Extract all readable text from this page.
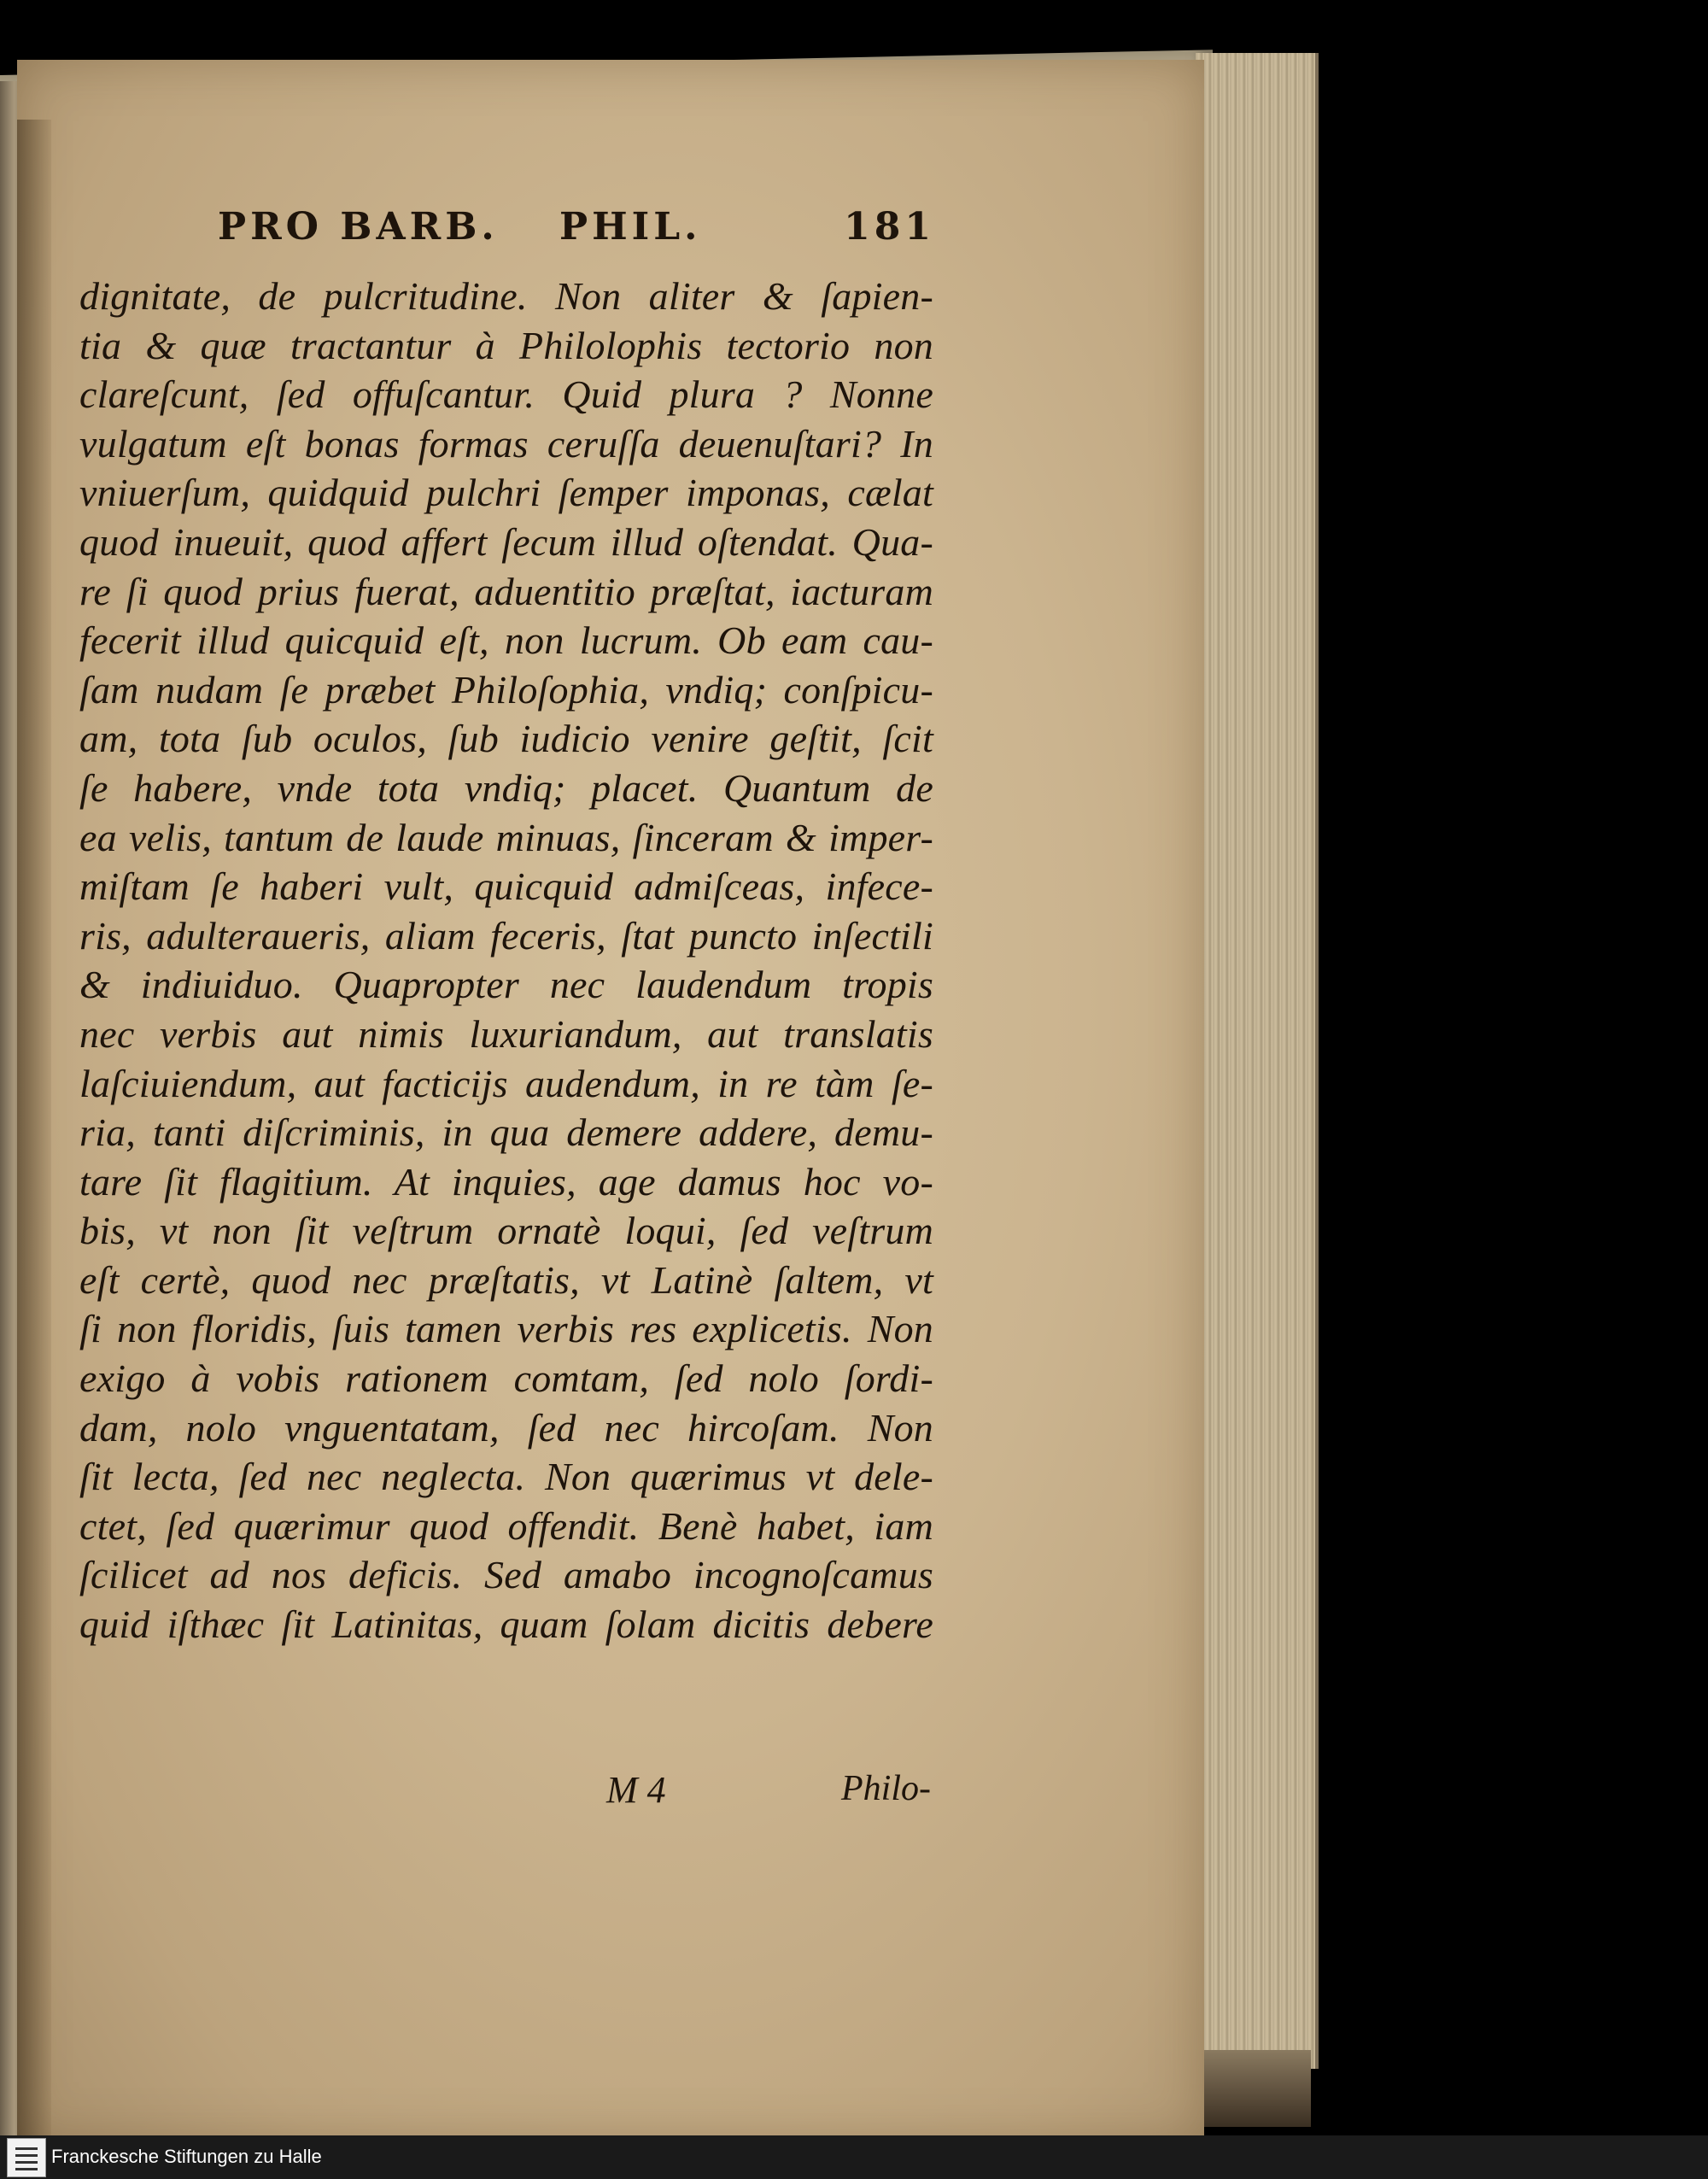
PRO BARB. PHIL.	181
dignitate, de pulcritudine. Non aliter & ſapien-
tia & quæ tractantur à Philolophis tectorio non
clareſcunt, ſed offuſcantur. Quid plura ? Nonne
vulgatum eſt bonas formas ceruſſa deuenuſtari? In
vniuerſum, quidquid pulchri ſemper imponas, cælat
quod inueuit, quod affert ſecum illud oſtendat. Qua-
re ſi quod prius fuerat, aduentitio præſtat, iacturam
fecerit illud quicquid eſt, non lucrum. Ob eam cau-
ſam nudam ſe præbet Philoſophia, vndiq; conſpicu-
am, tota ſub oculos, ſub iudicio venire geſtit, ſcit
ſe habere, vnde tota vndiq; placet. Quantum de
ea velis, tantum de laude minuas, ſinceram & imper-
miſtam ſe haberi vult, quicquid admiſceas, infece-
ris, adulteraueris, aliam feceris, ſtat puncto inſectili
& indiuiduo. Quapropter nec laudendum tropis
nec verbis aut nimis luxuriandum, aut translatis
laſciuiendum, aut facticijs audendum, in re tàm ſe-
ria, tanti diſcriminis, in qua demere addere, demu-
tare ſit flagitium. At inquies, age damus hoc vo-
bis, vt non ſit veſtrum ornatè loqui, ſed veſtrum
eſt certè, quod nec præſtatis, vt Latinè ſaltem, vt
ſi non floridis, ſuis tamen verbis res explicetis. Non
exigo à vobis rationem comtam, ſed nolo ſordi-
dam, nolo vnguentatam, ſed nec hircoſam. Non
ſit lecta, ſed nec neglecta. Non quærimus vt dele-
ctet, ſed quærimur quod offendit. Benè habet, iam
ſcilicet ad nos deficis. Sed amabo incognoſcamus
quid iſthæc ſit Latinitas, quam ſolam dicitis debere
M 4	Philo-
Franckesche Stiftungen zu Halle
